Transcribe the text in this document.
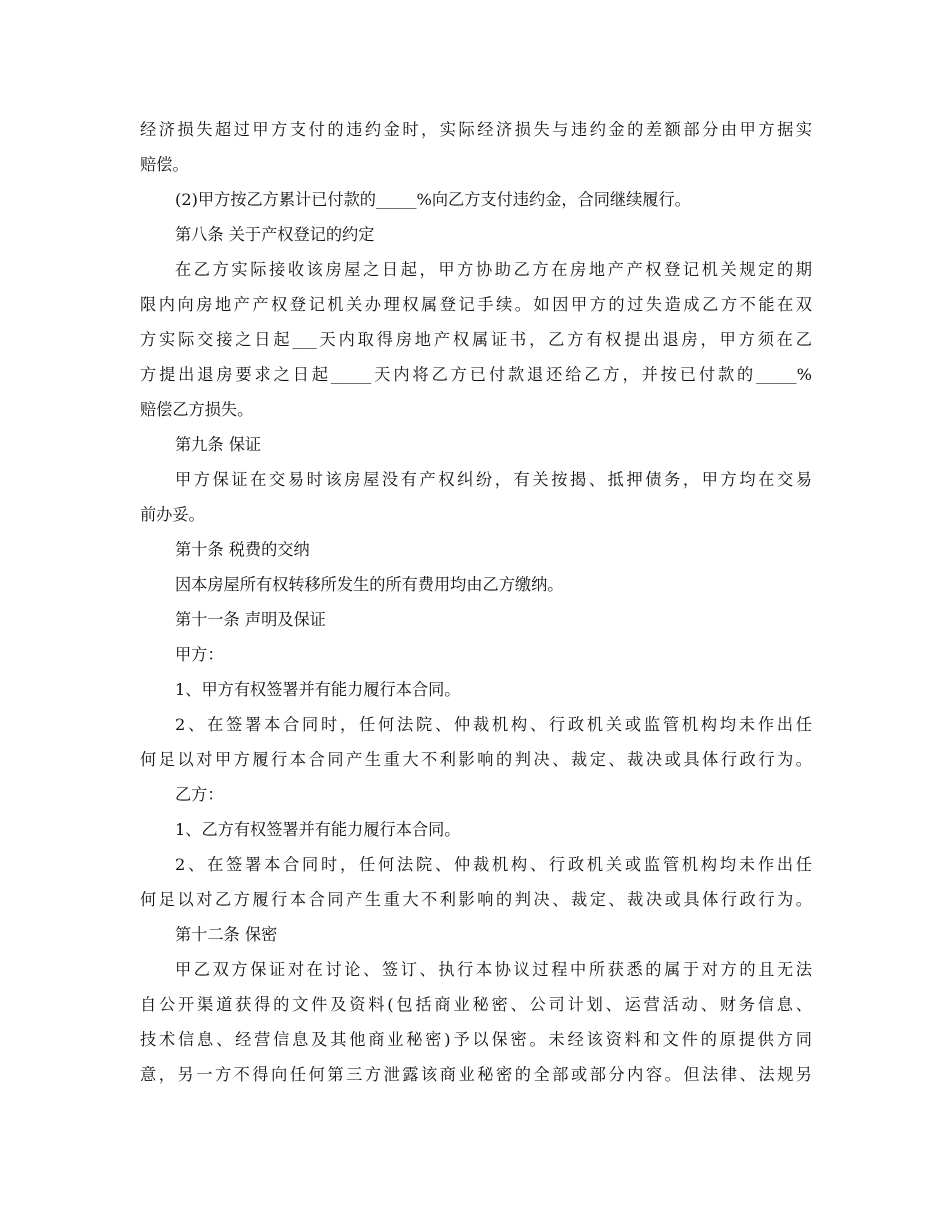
经济损失超过甲方支付的违约金时，实际经济损失与违约金的差额部分由甲方据实
赔偿。
(2)甲方按乙方累计已付款的_____%向乙方支付违约金，合同继续履行。
第八条 关于产权登记的约定
在乙方实际接收该房屋之日起，甲方协助乙方在房地产产权登记机关规定的期
限内向房地产产权登记机关办理权属登记手续。如因甲方的过失造成乙方不能在双
方实际交接之日起___天内取得房地产权属证书，乙方有权提出退房，甲方须在乙
方提出退房要求之日起_____天内将乙方已付款退还给乙方，并按已付款的_____%
赔偿乙方损失。
第九条 保证
甲方保证在交易时该房屋没有产权纠纷，有关按揭、抵押债务，甲方均在交易
前办妥。
第十条 税费的交纳
因本房屋所有权转移所发生的所有费用均由乙方缴纳。
第十一条 声明及保证
甲方：
1、甲方有权签署并有能力履行本合同。
2、在签署本合同时，任何法院、仲裁机构、行政机关或监管机构均未作出任
何足以对甲方履行本合同产生重大不利影响的判决、裁定、裁决或具体行政行为。
乙方：
1、乙方有权签署并有能力履行本合同。
2、在签署本合同时，任何法院、仲裁机构、行政机关或监管机构均未作出任
何足以对乙方履行本合同产生重大不利影响的判决、裁定、裁决或具体行政行为。
第十二条 保密
甲乙双方保证对在讨论、签订、执行本协议过程中所获悉的属于对方的且无法
自公开渠道获得的文件及资料(包括商业秘密、公司计划、运营活动、财务信息、
技术信息、经营信息及其他商业秘密)予以保密。未经该资料和文件的原提供方同
意，另一方不得向任何第三方泄露该商业秘密的全部或部分内容。但法律、法规另
